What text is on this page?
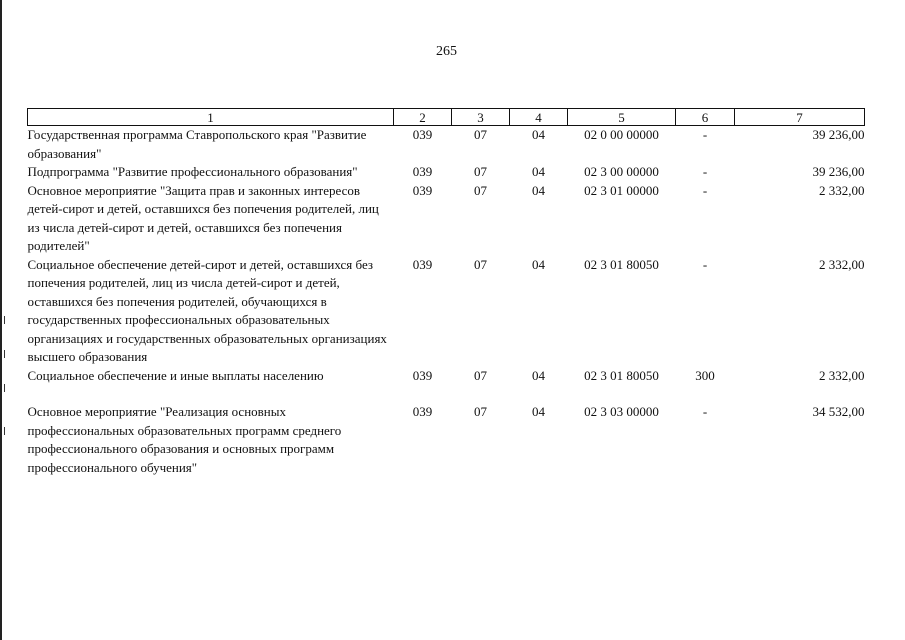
265
1	2	3	4	5	6	7
Государственная программа Ставропольского края "Развитие образования"	039	07	04	02 0 00 00000	-	39 236,00
Подпрограмма "Развитие профессионального образования"	039	07	04	02 3 00 00000	-	39 236,00
Основное мероприятие "Защита прав и законных интересов детей-сирот и детей, оставшихся без попечения родителей, лиц из числа детей-сирот и детей, оставшихся без попечения родителей"	039	07	04	02 3 01 00000	-	2 332,00
Социальное обеспечение детей-сирот и детей, оставшихся без попечения родителей, лиц из числа детей-сирот и детей, оставшихся без попечения родителей, обучающихся в государственных профессиональных образовательных организациях и государственных образовательных организациях высшего образования	039	07	04	02 3 01 80050	-	2 332,00
Социальное обеспечение и иные выплаты населению	039	07	04	02 3 01 80050	300	2 332,00
Основное мероприятие "Реализация основных профессиональных образовательных программ среднего профессионального образования и основных программ профессионального обучения"	039	07	04	02 3 03 00000	-	34 532,00
